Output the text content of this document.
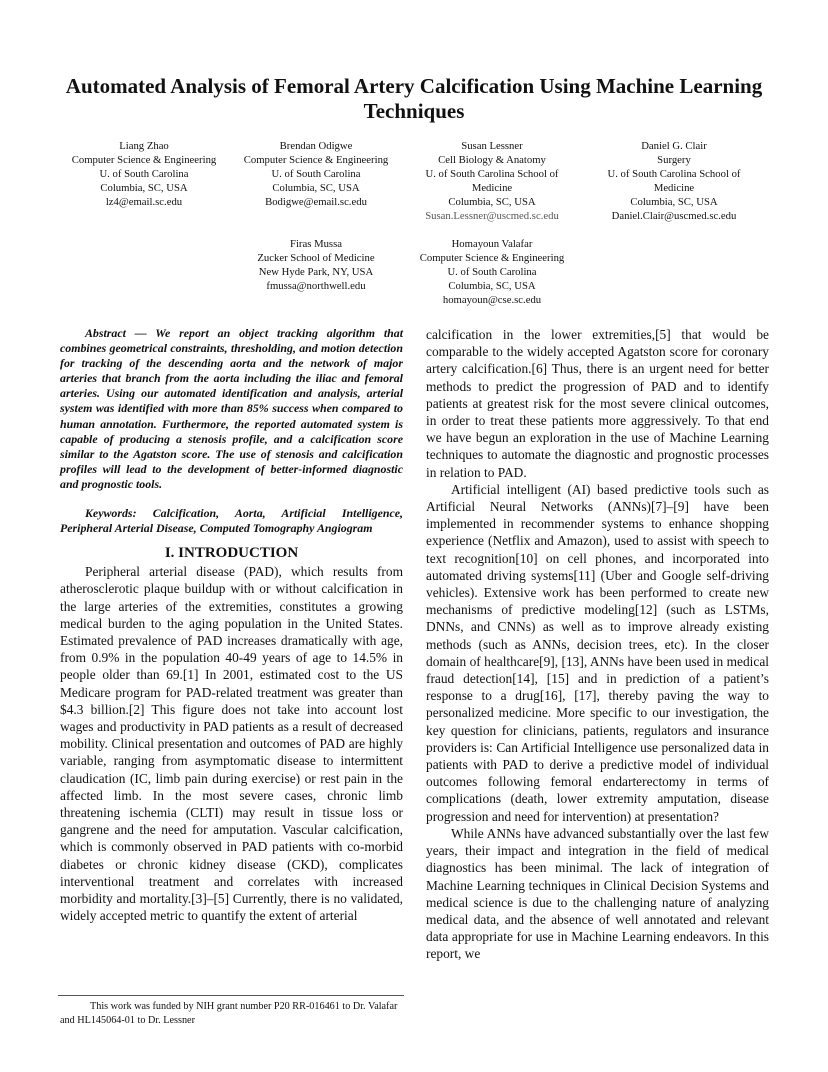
Automated Analysis of Femoral Artery Calcification Using Machine Learning Techniques
Liang Zhao
Computer Science & Engineering
U. of South Carolina
Columbia, SC, USA
lz4@email.sc.edu
Brendan Odigwe
Computer Science & Engineering
U. of South Carolina
Columbia, SC, USA
Bodigwe@email.sc.edu
Susan Lessner
Cell Biology & Anatomy
U. of South Carolina School of
Medicine
Columbia, SC, USA
Susan.Lessner@uscmed.sc.edu
Daniel G. Clair
Surgery
U. of South Carolina School of
Medicine
Columbia, SC, USA
Daniel.Clair@uscmed.sc.edu
Firas Mussa
Zucker School of Medicine
New Hyde Park, NY, USA
fmussa@northwell.edu
Homayoun Valafar
Computer Science & Engineering
U. of South Carolina
Columbia, SC, USA
homayoun@cse.sc.edu

Abstract — We report an object tracking algorithm that combines geometrical constraints, thresholding, and motion detection for tracking of the descending aorta and the network of major arteries that branch from the aorta including the iliac and femoral arteries. Using our automated identification and analysis, arterial system was identified with more than 85% success when compared to human annotation. Furthermore, the reported automated system is capable of producing a stenosis profile, and a calcification score similar to the Agatston score. The use of stenosis and calcification profiles will lead to the development of better-informed diagnostic and prognostic tools.

Keywords: Calcification, Aorta, Artificial Intelligence, Peripheral Arterial Disease, Computed Tomography Angiogram

I. INTRODUCTION

Peripheral arterial disease (PAD), which results from atherosclerotic plaque buildup with or without calcification in the large arteries of the extremities, constitutes a growing medical burden to the aging population in the United States. Estimated prevalence of PAD increases dramatically with age, from 0.9% in the population 40-49 years of age to 14.5% in people older than 69.[1] In 2001, estimated cost to the US Medicare program for PAD-related treatment was greater than $4.3 billion.[2] This figure does not take into account lost wages and productivity in PAD patients as a result of decreased mobility. Clinical presentation and outcomes of PAD are highly variable, ranging from asymptomatic disease to intermittent claudication (IC, limb pain during exercise) or rest pain in the affected limb. In the most severe cases, chronic limb threatening ischemia (CLTI) may result in tissue loss or gangrene and the need for amputation. Vascular calcification, which is commonly observed in PAD patients with co-morbid diabetes or chronic kidney disease (CKD), complicates interventional treatment and correlates with increased morbidity and mortality.[3]–[5] Currently, there is no validated, widely accepted metric to quantify the extent of arterial

calcification in the lower extremities,[5] that would be comparable to the widely accepted Agatston score for coronary artery calcification.[6] Thus, there is an urgent need for better methods to predict the progression of PAD and to identify patients at greatest risk for the most severe clinical outcomes, in order to treat these patients more aggressively. To that end we have begun an exploration in the use of Machine Learning techniques to automate the diagnostic and prognostic processes in relation to PAD.

Artificial intelligent (AI) based predictive tools such as Artificial Neural Networks (ANNs)[7]–[9] have been implemented in recommender systems to enhance shopping experience (Netflix and Amazon), used to assist with speech to text recognition[10] on cell phones, and incorporated into automated driving systems[11] (Uber and Google self-driving vehicles). Extensive work has been performed to create new mechanisms of predictive modeling[12] (such as LSTMs, DNNs, and CNNs) as well as to improve already existing methods (such as ANNs, decision trees, etc). In the closer domain of healthcare[9], [13], ANNs have been used in medical fraud detection[14], [15] and in prediction of a patient’s response to a drug[16], [17], thereby paving the way to personalized medicine. More specific to our investigation, the key question for clinicians, patients, regulators and insurance providers is: Can Artificial Intelligence use personalized data in patients with PAD to derive a predictive model of individual outcomes following femoral endarterectomy in terms of complications (death, lower extremity amputation, disease progression and need for intervention) at presentation?

While ANNs have advanced substantially over the last few years, their impact and integration in the field of medical diagnostics has been minimal. The lack of integration of Machine Learning techniques in Clinical Decision Systems and medical science is due to the challenging nature of analyzing medical data, and the absence of well annotated and relevant data appropriate for use in Machine Learning endeavors. In this report, we

This work was funded by NIH grant number P20 RR-016461 to Dr. Valafar and HL145064-01 to Dr. Lessner
